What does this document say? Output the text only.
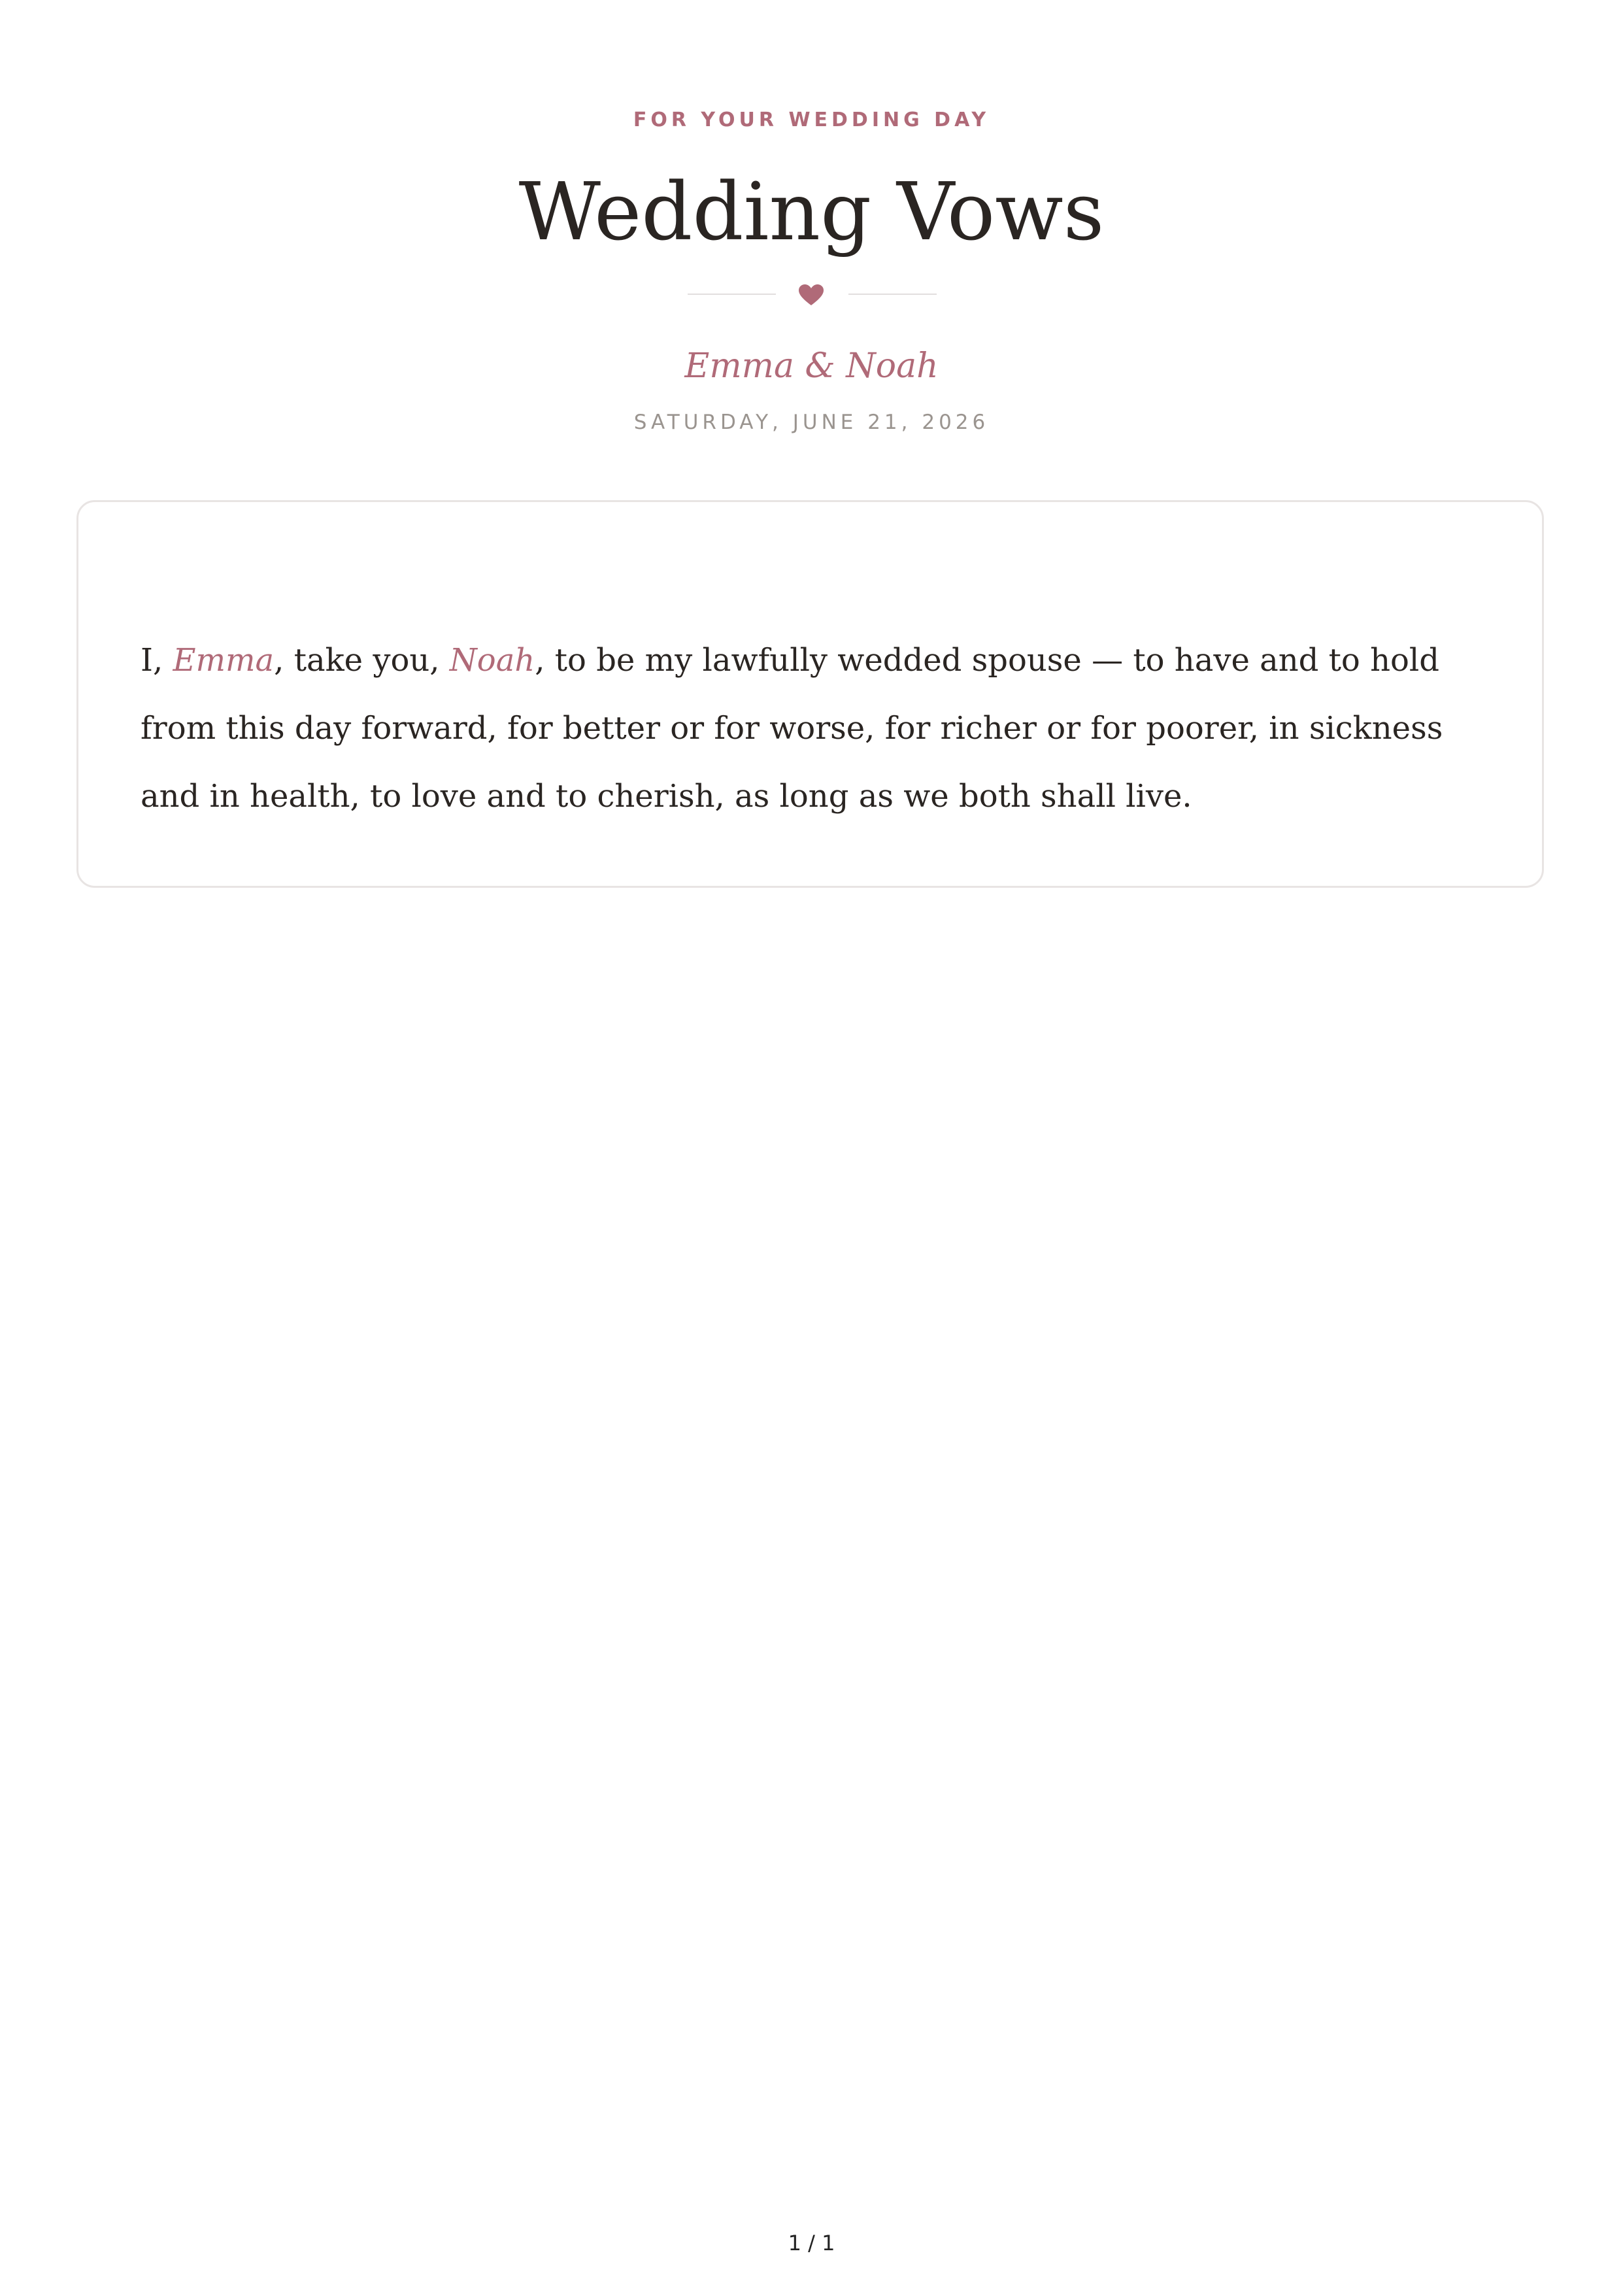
FOR YOUR WEDDING DAY
Wedding Vows
Emma & Noah
SATURDAY, JUNE 21, 2026

I, Emma, take you, Noah, to be my lawfully wedded spouse — to have and to hold from this day forward, for better or for worse, for richer or for poorer, in sickness and in health, to love and to cherish, as long as we both shall live.

1 / 1
